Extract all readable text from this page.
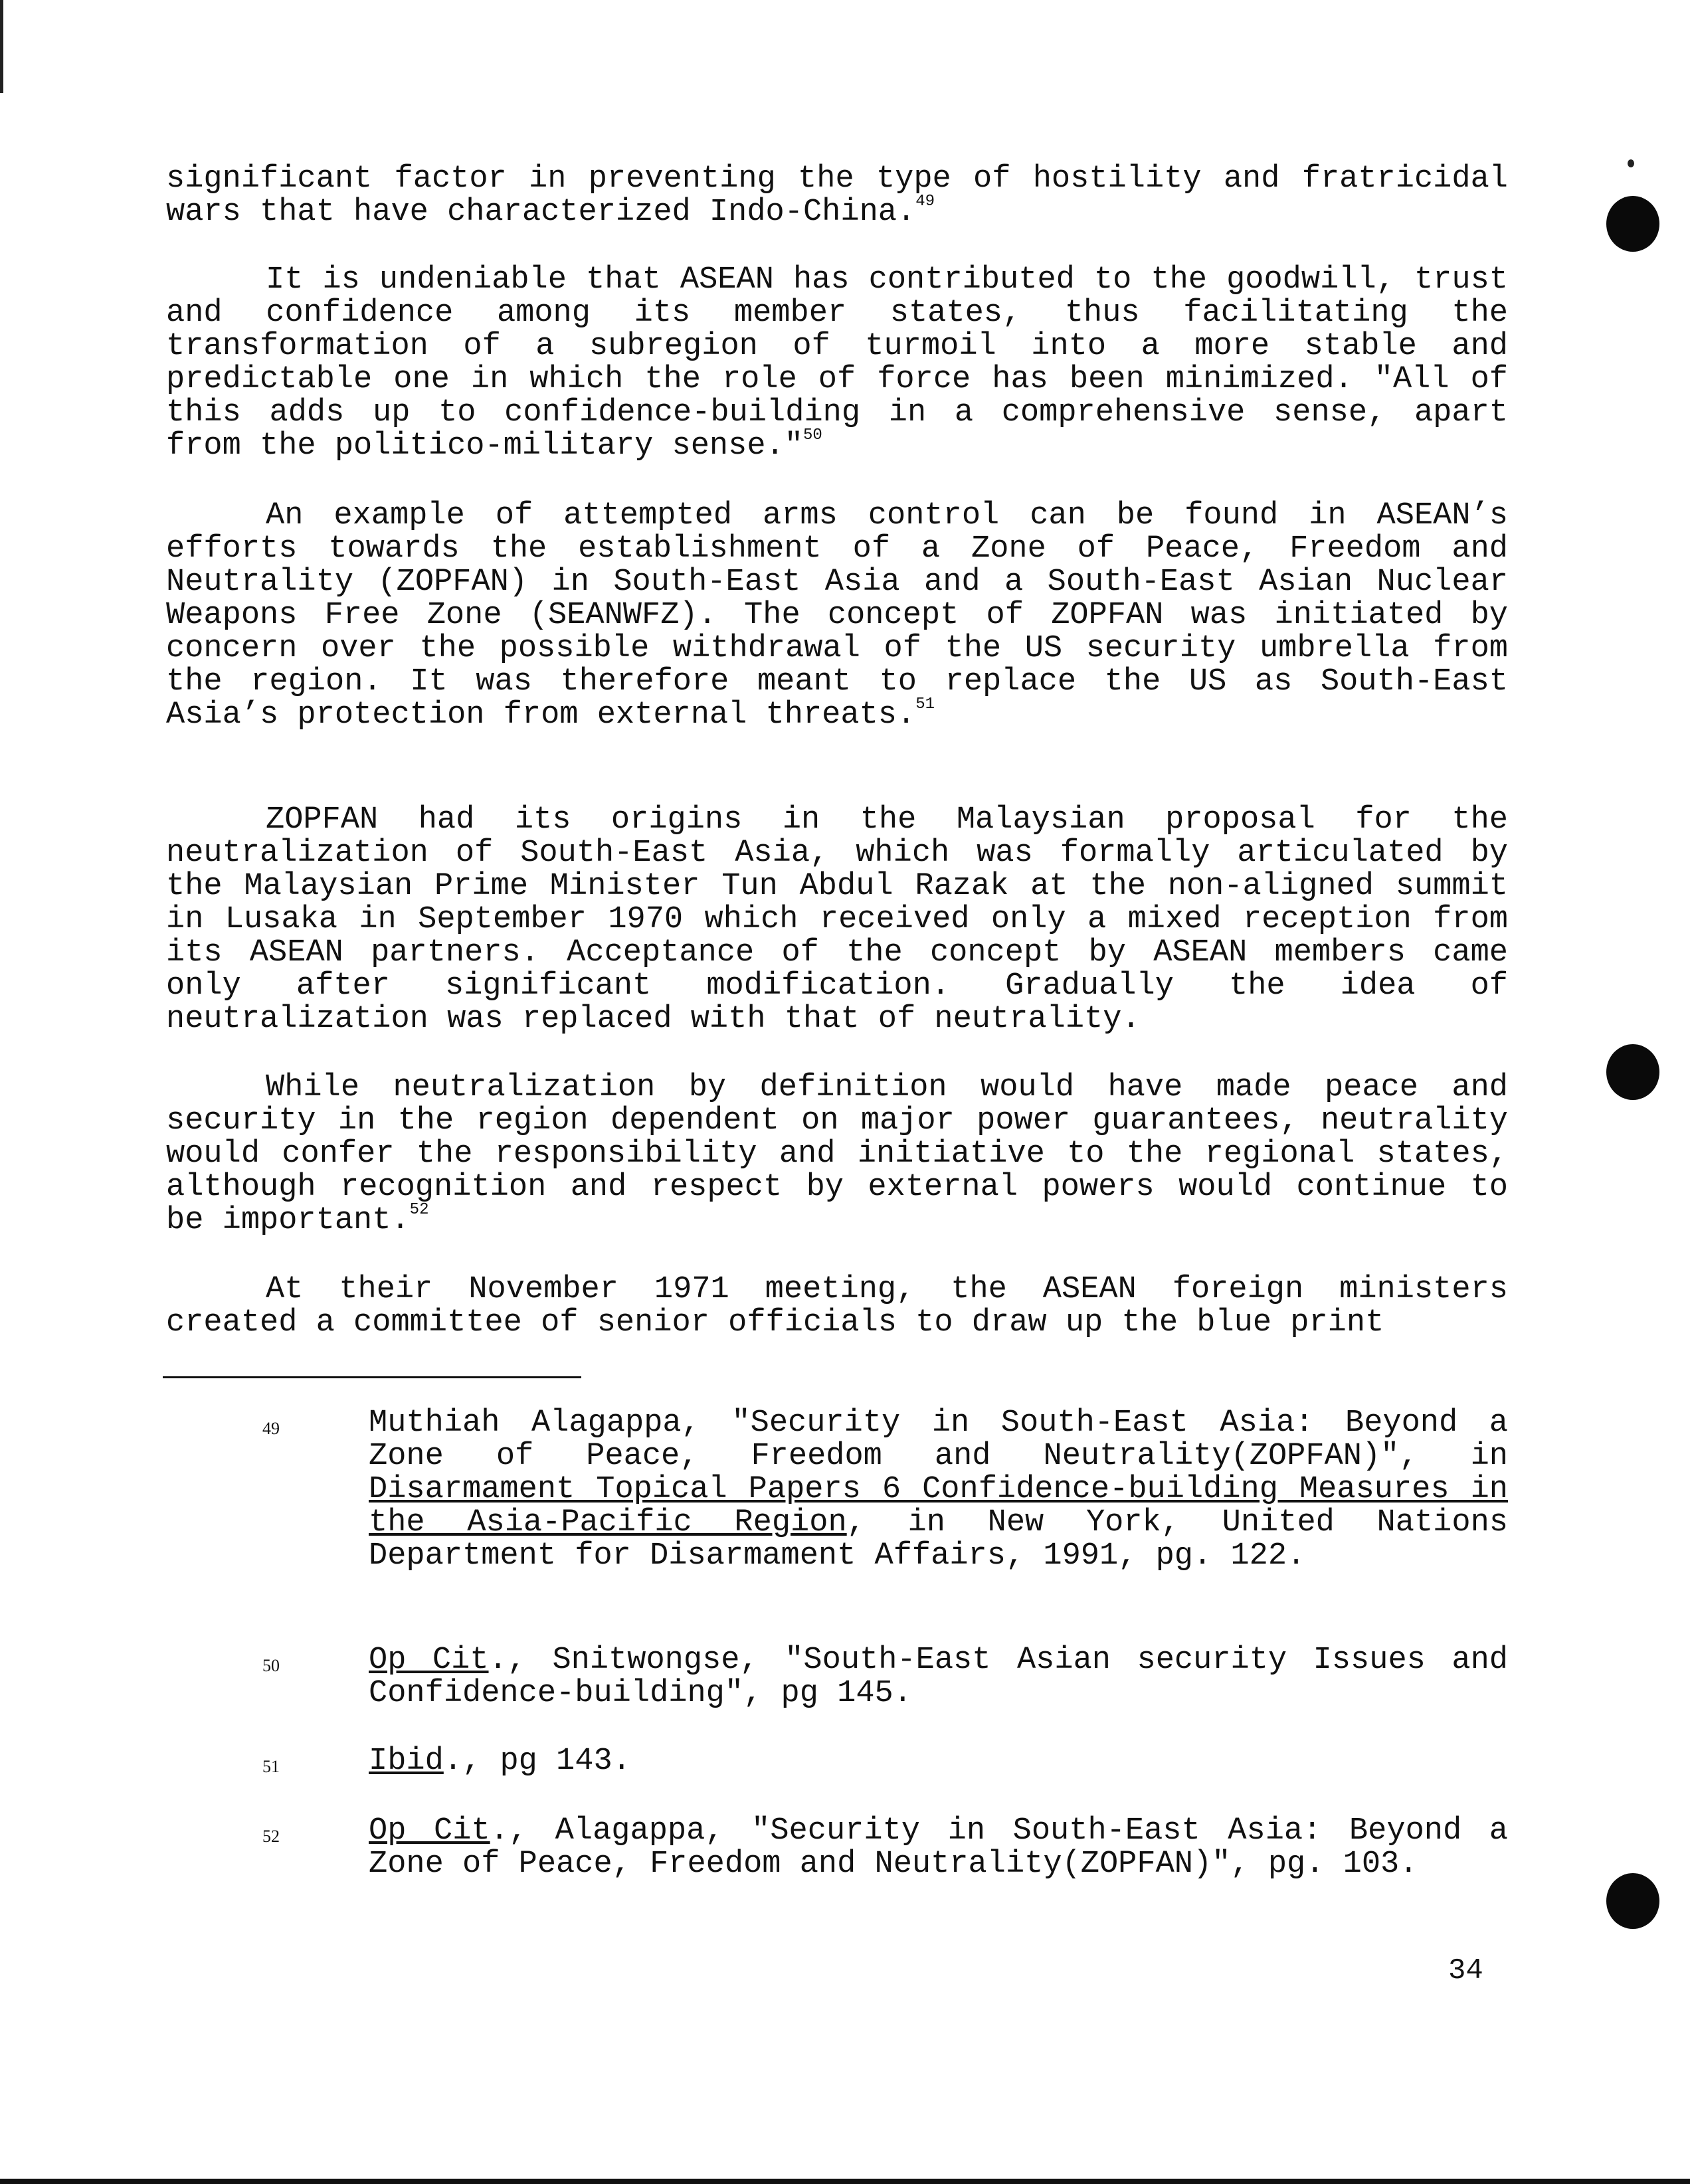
significant factor in preventing the type of hostility and fratricidal wars that have characterized Indo-China.$^{49}$

It is undeniable that ASEAN has contributed to the goodwill, trust and confidence among its member states, thus facilitating the transformation of a subregion of turmoil into a more stable and predictable one in which the role of force has been minimized. "All of this adds up to confidence-building in a comprehensive sense, apart from the politico-military sense."$^{50}$

An example of attempted arms control can be found in ASEAN’s efforts towards the establishment of a Zone of Peace, Freedom and Neutrality (ZOPFAN) in South-East Asia and a South-East Asian Nuclear Weapons Free Zone (SEANWFZ). The concept of ZOPFAN was initiated by concern over the possible withdrawal of the US security umbrella from the region. It was therefore meant to replace the US as South-East Asia’s protection from external threats.$^{51}$

ZOPFAN had its origins in the Malaysian proposal for the neutralization of South-East Asia, which was formally articulated by the Malaysian Prime Minister Tun Abdul Razak at the non-aligned summit in Lusaka in September 1970 which received only a mixed reception from its ASEAN partners. Acceptance of the concept by ASEAN members came only after significant modification. Gradually the idea of neutralization was replaced with that of neutrality.

While neutralization by definition would have made peace and security in the region dependent on major power guarantees, neutrality would confer the responsibility and initiative to the regional states, although recognition and respect by external powers would continue to be important.$^{52}$

At their November 1971 meeting, the ASEAN foreign ministers created a committee of senior officials to draw up the blue print

49	Muthiah Alagappa, "Security in South-East Asia: Beyond a Zone of Peace, Freedom and Neutrality(ZOPFAN)", in Disarmament Topical Papers 6 Confidence-building Measures in the Asia-Pacific Region, in New York, United Nations Department for Disarmament Affairs, 1991, pg. 122.

50	Op Cit., Snitwongse, "South-East Asian security Issues and Confidence-building", pg 145.

51	Ibid., pg 143.

52	Op Cit., Alagappa, "Security in South-East Asia: Beyond a Zone of Peace, Freedom and Neutrality(ZOPFAN)", pg. 103.

34
